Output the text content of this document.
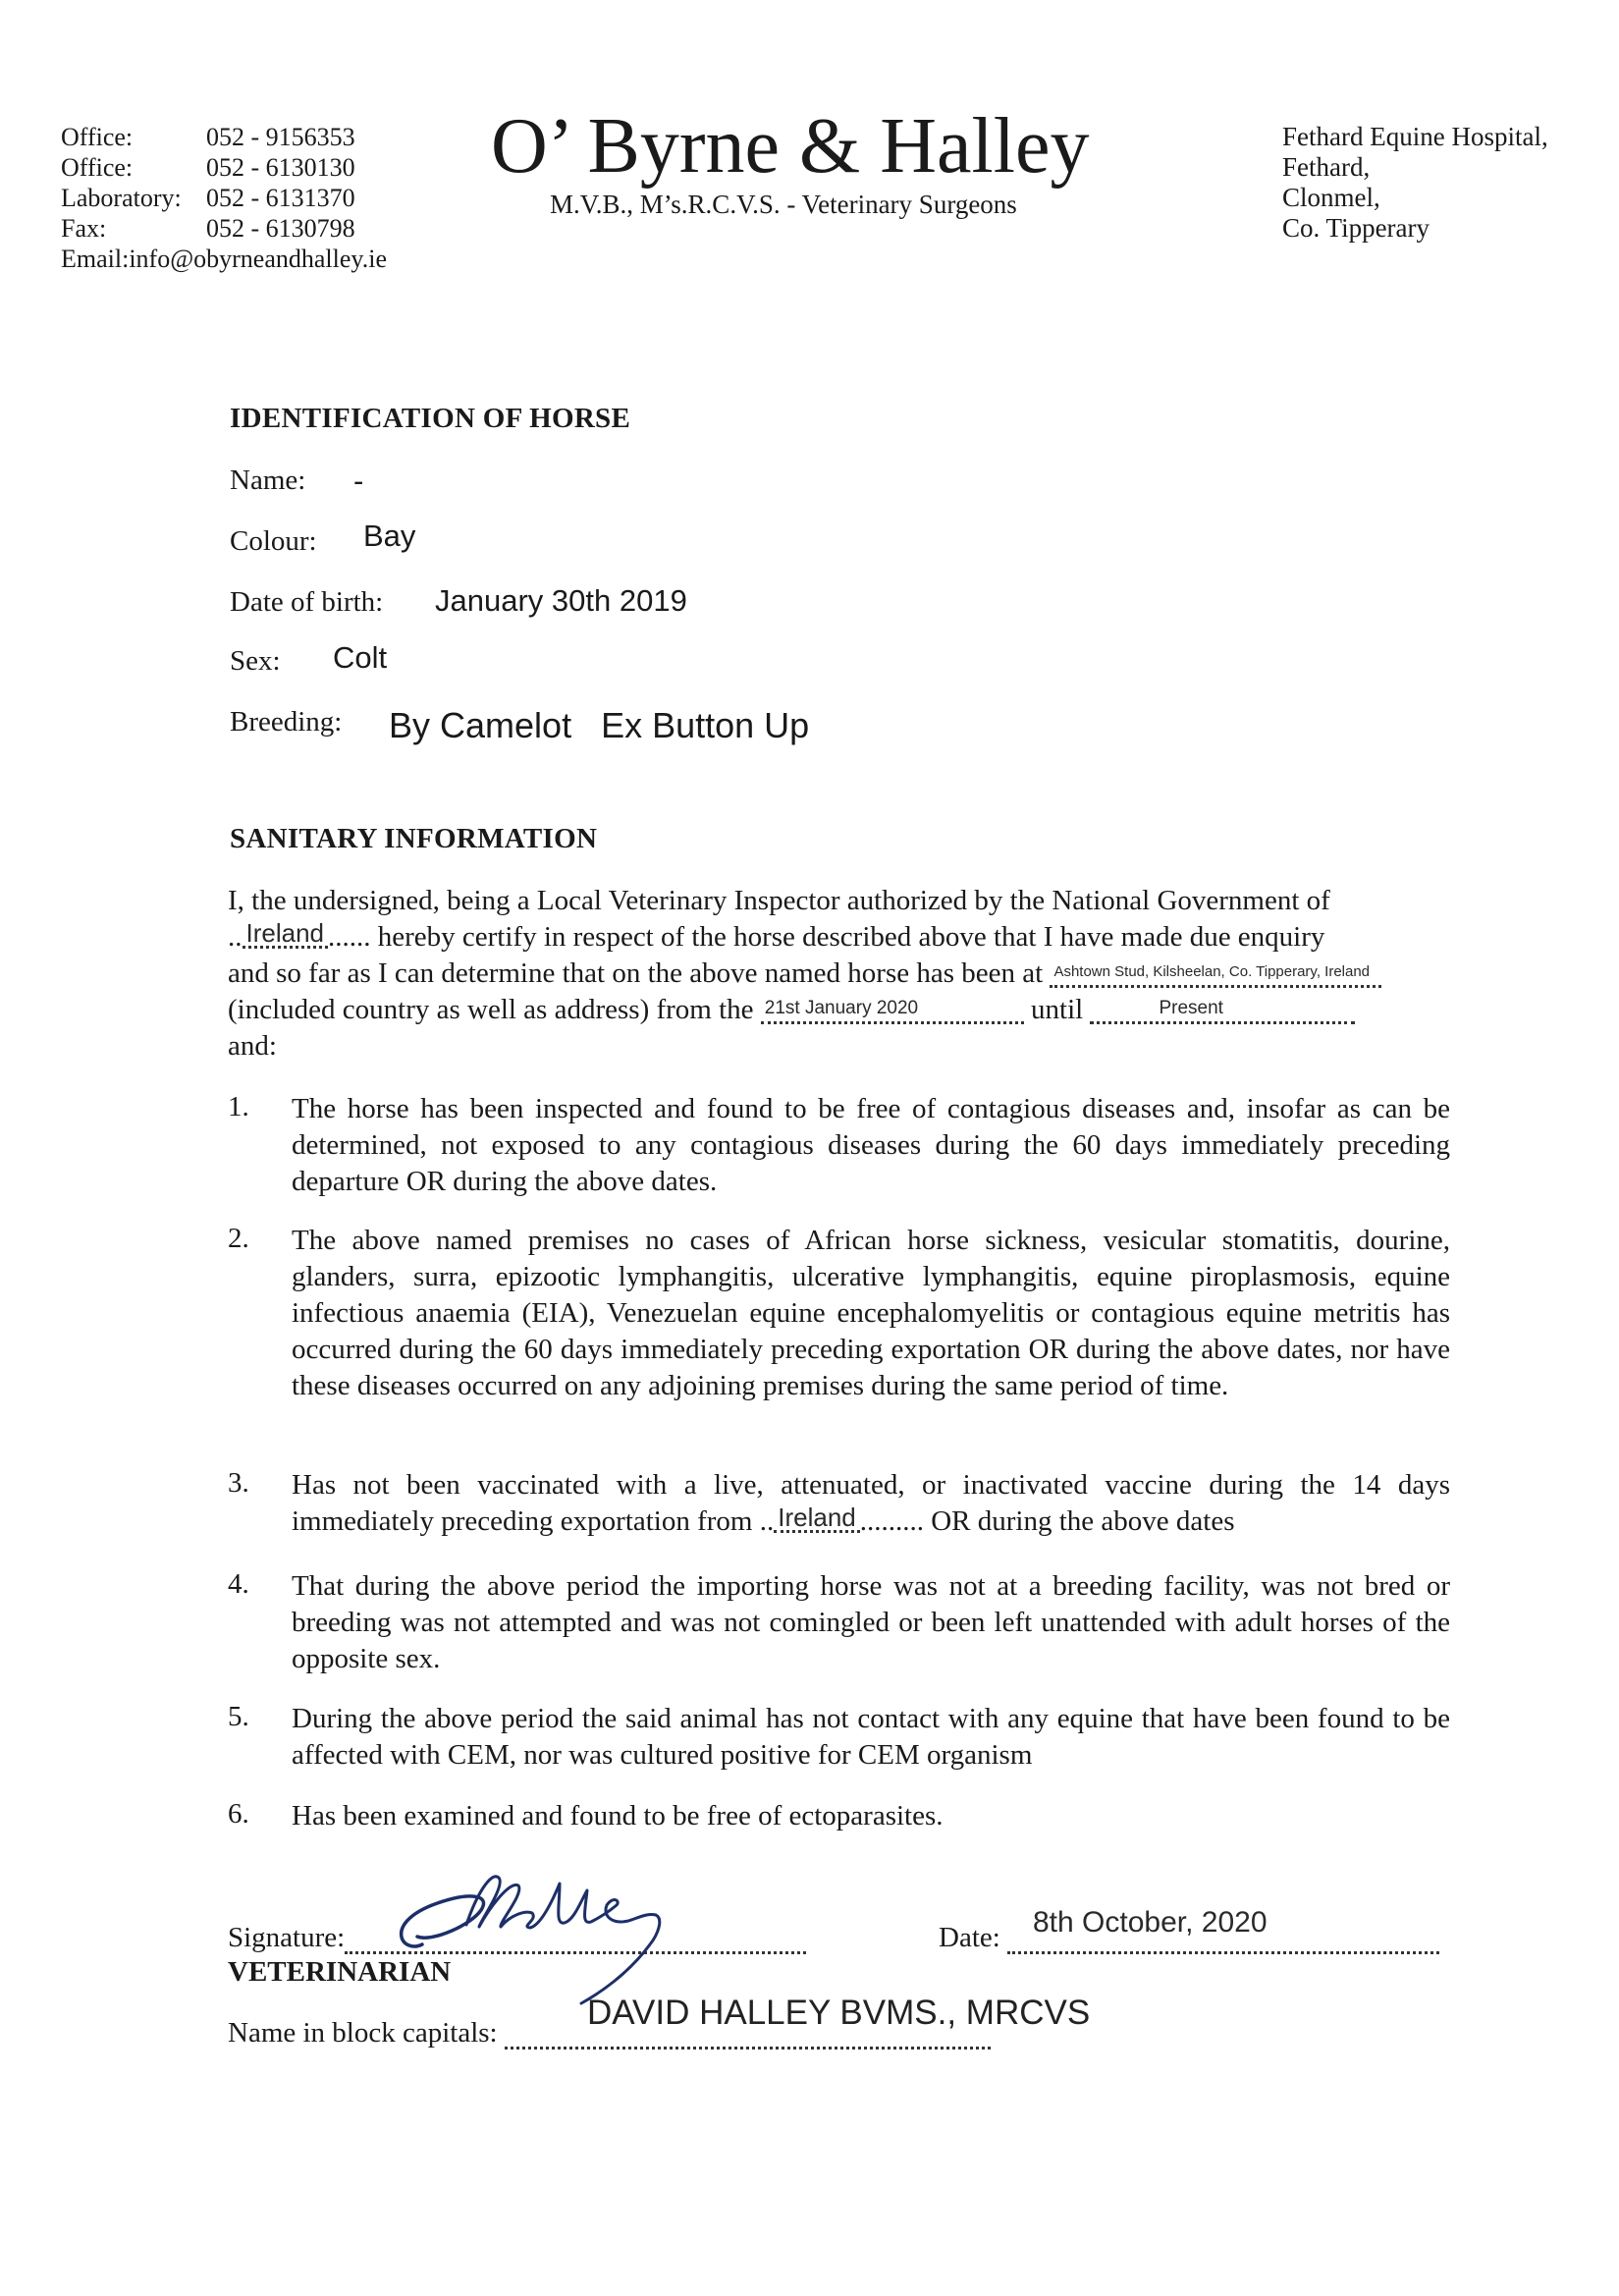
Office:	052 - 9156353
Office:	052 - 6130130
Laboratory: 052 - 6131370
Fax:	052 - 6130798
Email:info@obyrneandhalley.ie
O’ Byrne & Halley
M.V.B., M’s.R.C.V.S. - Veterinary Surgeons
Fethard Equine Hospital,
Fethard,
Clonmel,
Co. Tipperary
IDENTIFICATION OF HORSE
Name: -
Colour: Bay
Date of birth: January 30th 2019
Sex: Colt
Breeding: By Camelot   Ex Button Up
SANITARY INFORMATION

I, the undersigned, being a Local Veterinary Inspector authorized by the National Government of

.. Ireland ...... hereby certify in respect of the horse described above that I have made due enquiry

and so far as I can determine that on the above named horse has been at Ashtown Stud, Kilsheelan, Co. Tipperary, Ireland

(included country as well as address) from the 21st January 2020	until	Present

and:

1.	The horse has been inspected and found to be free of contagious diseases and, insofar as can be determined, not exposed to any contagious diseases during the 60 days immediately preceding departure OR during the above dates.
2.	The above named premises no cases of African horse sickness, vesicular stomatitis, dourine, glanders, surra, epizootic lymphangitis, ulcerative lymphangitis, equine piroplasmosis, equine infectious anaemia (EIA), Venezuelan equine encephalomyelitis or contagious equine metritis has occurred during the 60 days immediately preceding exportation OR during the above dates, nor have these diseases occurred on any adjoining premises during the same period of time.
3.	Has not been vaccinated with a live, attenuated, or inactivated vaccine during the 14 days immediately preceding exportation from .. Ireland ......... OR during the above dates
4.	That during the above period the importing horse was not at a breeding facility, was not bred or breeding was not attempted and was not comingled or been left unattended with adult horses of the opposite sex.
5.	During the above period the said animal has not contact with any equine that have been found to be affected with CEM, nor was cultured positive for CEM organism
6.	Has been examined and found to be free of ectoparasites.
Signature:	Date:	8th October, 2020
VETERINARIAN
Name in block capitals:
DAVID HALLEY BVMS., MRCVS
